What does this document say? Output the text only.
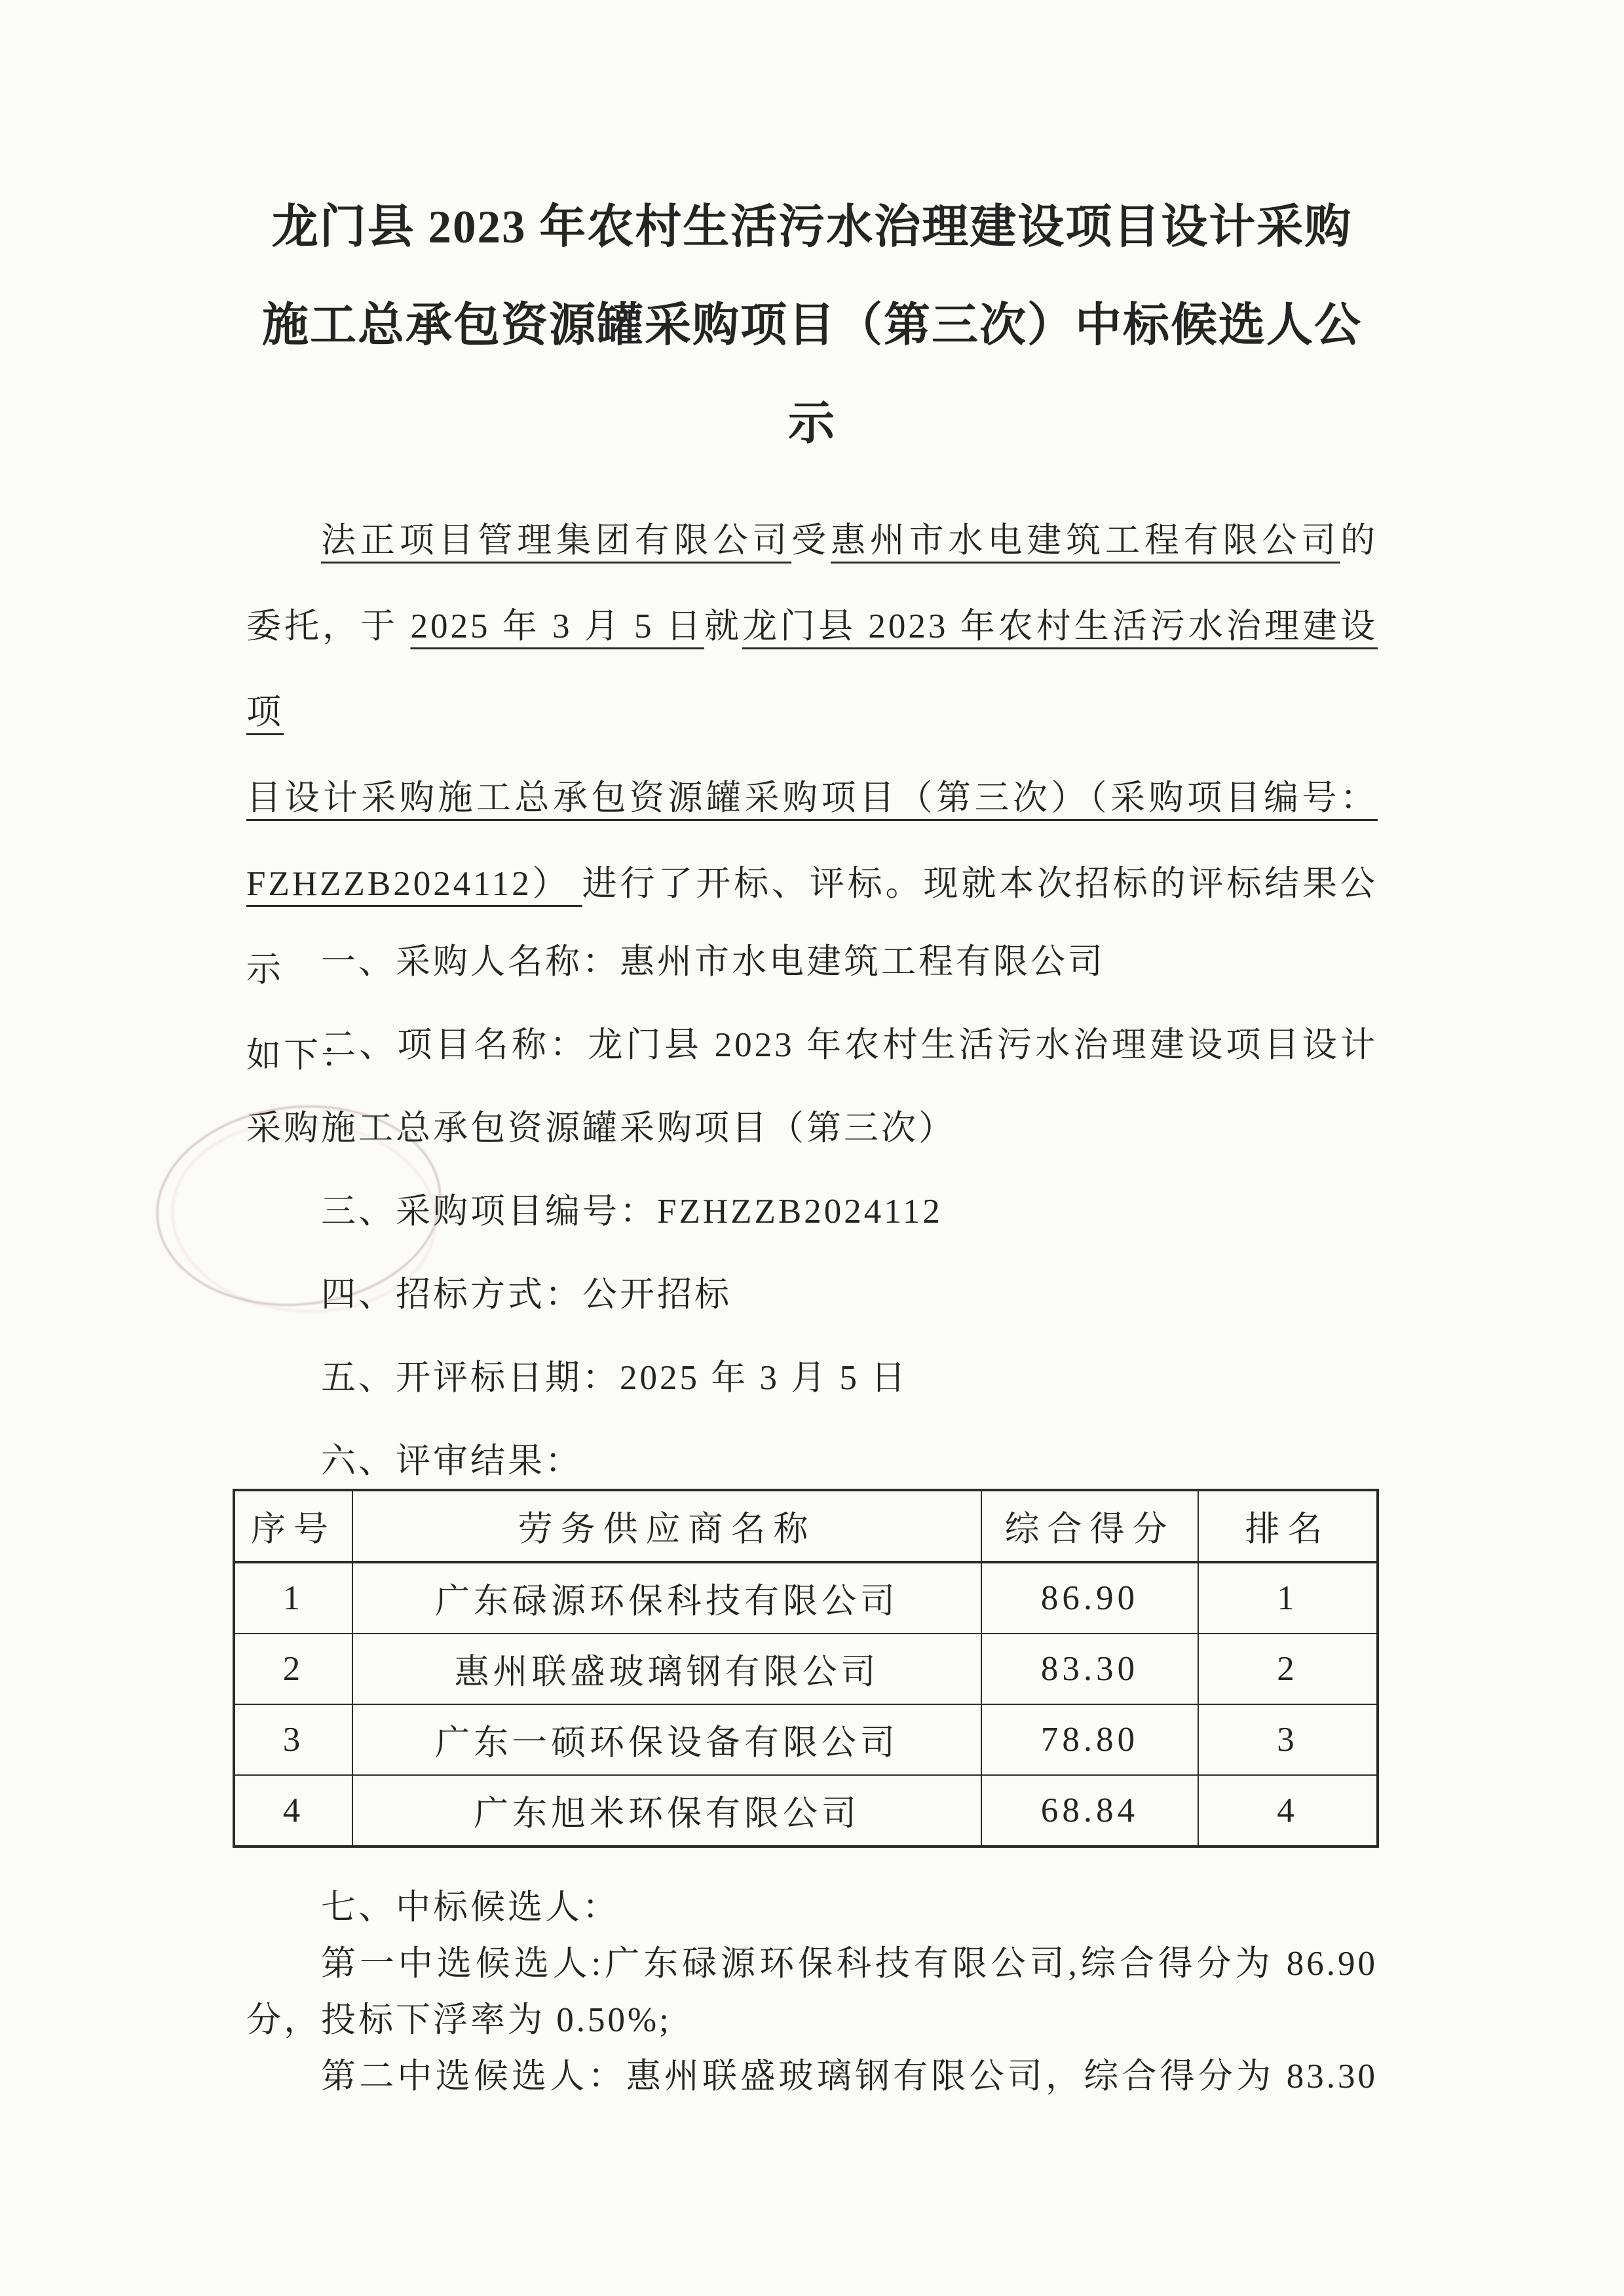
龙门县 2023 年农村生活污水治理建设项目设计采购
施工总承包资源罐采购项目（第三次）中标候选人公
示
法正项目管理集团有限公司受惠州市水电建筑工程有限公司的
委托，于 2025 年 3 月 5 日就龙门县 2023 年农村生活污水治理建设项
目设计采购施工总承包资源罐采购项目（第三次）（采购项目编号：
FZHZZB2024112） 进行了开标、评标。现就本次招标的评标结果公示
如下：
一、采购人名称：惠州市水电建筑工程有限公司
二、项目名称：龙门县 2023 年农村生活污水治理建设项目设计
采购施工总承包资源罐采购项目（第三次）
三、采购项目编号：FZHZZB2024112
四、招标方式：公开招标
五、开评标日期：2025 年 3 月 5 日
六、评审结果：
序号	劳务供应商名称	综合得分	排名
1	广东碌源环保科技有限公司	86.90	1
2	惠州联盛玻璃钢有限公司	83.30	2
3	广东一硕环保设备有限公司	78.80	3
4	广东旭米环保有限公司	68.84	4
七、中标候选人：
第一中选候选人:广东碌源环保科技有限公司,综合得分为 86.90
分，投标下浮率为 0.50%;
第二中选候选人：惠州联盛玻璃钢有限公司，综合得分为 83.30
